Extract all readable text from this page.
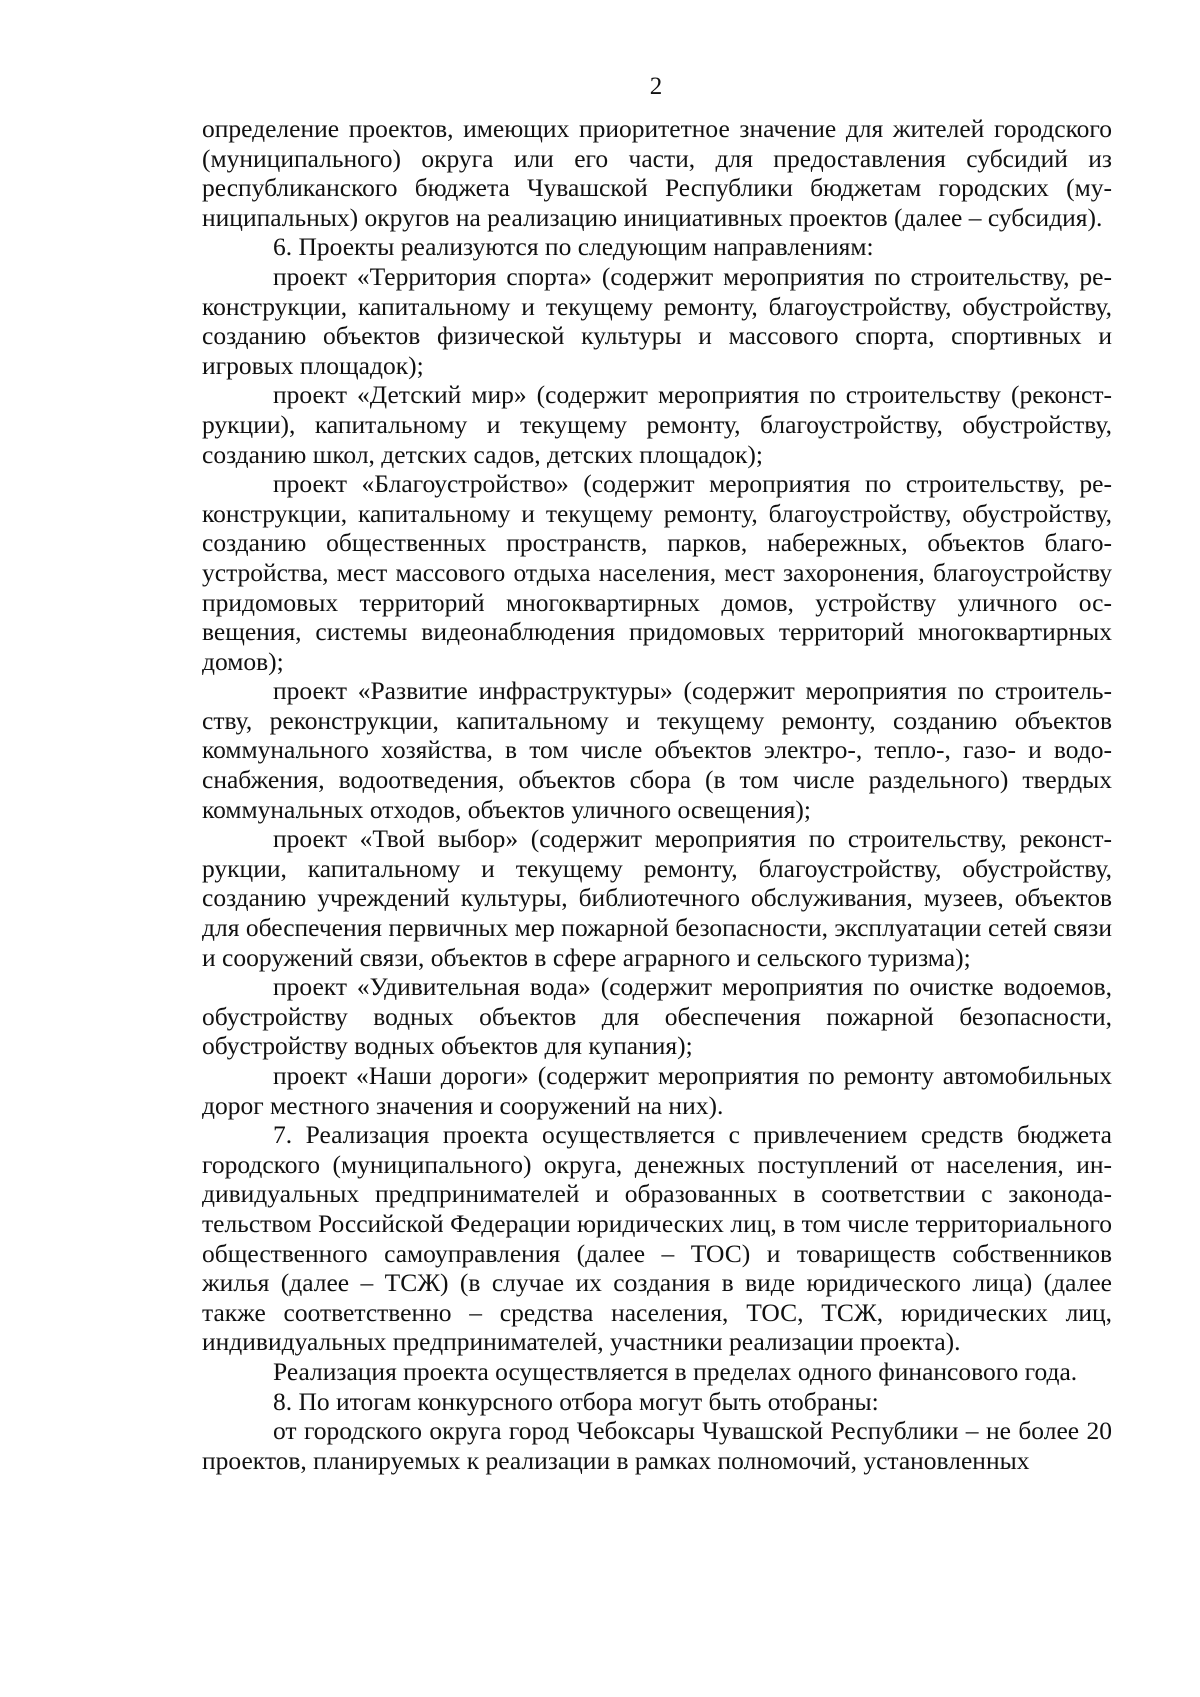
2

определение проектов, имеющих приоритетное значение для жителей городского (муниципального) округа или его части, для предоставления субсидий из республиканского бюджета Чувашской Республики бюджетам городских (муниципальных) округов на реализацию инициативных проектов (далее – субсидия).

6. Проекты реализуются по следующим направлениям:

проект «Территория спорта» (содержит мероприятия по строительству, реконструкции, капитальному и текущему ремонту, благоустройству, обустройству, созданию объектов физической культуры и массового спорта, спортивных и игровых площадок);

проект «Детский мир» (содержит мероприятия по строительству (реконструкции), капитальному и текущему ремонту, благоустройству, обустройству, созданию школ, детских садов, детских площадок);

проект «Благоустройство» (содержит мероприятия по строительству, реконструкции, капитальному и текущему ремонту, благоустройству, обустройству, созданию общественных пространств, парков, набережных, объектов благоустройства, мест массового отдыха населения, мест захоронения, благоустройству придомовых территорий многоквартирных домов, устройству уличного освещения, системы видеонаблюдения придомовых территорий многоквартирных домов);

проект «Развитие инфраструктуры» (содержит мероприятия по строительству, реконструкции, капитальному и текущему ремонту, созданию объектов коммунального хозяйства, в том числе объектов электро-, тепло-, газо- и водоснабжения, водоотведения, объектов сбора (в том числе раздельного) твердых коммунальных отходов, объектов уличного освещения);

проект «Твой выбор» (содержит мероприятия по строительству, реконструкции, капитальному и текущему ремонту, благоустройству, обустройству, созданию учреждений культуры, библиотечного обслуживания, музеев, объектов для обеспечения первичных мер пожарной безопасности, эксплуатации сетей связи и сооружений связи, объектов в сфере аграрного и сельского туризма);

проект «Удивительная вода» (содержит мероприятия по очистке водоемов, обустройству водных объектов для обеспечения пожарной безопасности, обустройству водных объектов для купания);

проект «Наши дороги» (содержит мероприятия по ремонту автомобильных дорог местного значения и сооружений на них).

7. Реализация проекта осуществляется с привлечением средств бюджета городского (муниципального) округа, денежных поступлений от населения, индивидуальных предпринимателей и образованных в соответствии с законодательством Российской Федерации юридических лиц, в том числе территориального общественного самоуправления (далее – ТОС) и товариществ собственников жилья (далее – ТСЖ) (в случае их создания в виде юридического лица) (далее также соответственно – средства населения, ТОС, ТСЖ, юридических лиц, индивидуальных предпринимателей, участники реализации проекта).

Реализация проекта осуществляется в пределах одного финансового года.

8. По итогам конкурсного отбора могут быть отобраны:

от городского округа город Чебоксары Чувашской Республики – не более 20 проектов, планируемых к реализации в рамках полномочий, установленных
